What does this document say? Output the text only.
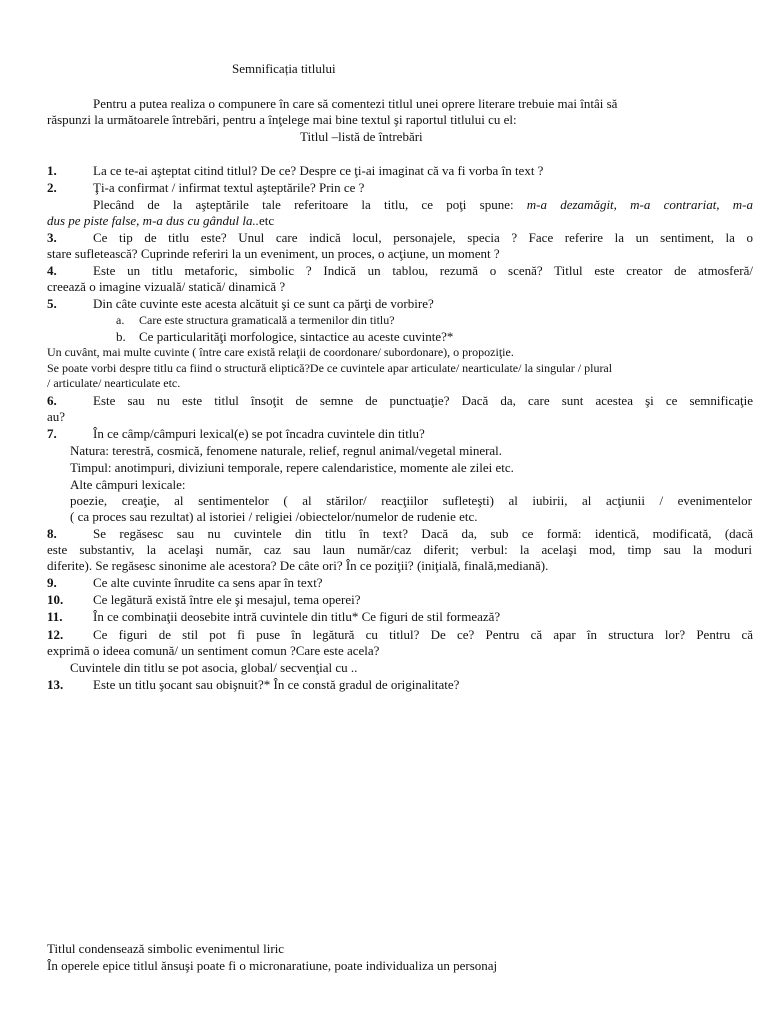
Semnificația titlului
Pentru a putea realiza o compunere în care să comentezi titlul unei oprere literare trebuie mai întâi să
răspunzi la următoarele întrebări, pentru a înţelege mai bine textul şi raportul titlului cu el:
Titlul –listă de întrebări
1.	La ce te-ai aşteptat citind titlul? De ce? Despre ce ţi-ai imaginat că va fi vorba în text ?
2.	Ţi-a confirmat / infirmat textul aşteptările? Prin ce ?
Plecând de la aşteptările tale referitoare la titlu, ce poţi spune: m-a dezamăgit, m-a contrariat, m-a
dus pe piste false, m-a dus cu gândul la..etc
3.	Ce tip de titlu este? Unul care indică locul, personajele, specia ? Face referire la un sentiment, la o
stare sufletească? Cuprinde referiri la un eveniment, un proces, o acţiune, un moment ?
4.	Este un titlu metaforic, simbolic ? Indică un tablou, rezumă o scenă? Titlul este creator de atmosferă/
creează o imagine vizuală/ statică/ dinamică ?
5.	Din câte cuvinte este acesta alcătuit şi ce sunt ca părţi de vorbire?
a. Care este structura gramaticală a termenilor din titlu?
b. Ce particularităţi morfologice, sintactice au aceste cuvinte?*
Un cuvânt, mai multe cuvinte ( între care există relaţii de coordonare/ subordonare), o propoziţie.
Se poate vorbi despre titlu ca fiind o structură eliptică?De ce cuvintele apar articulate/ nearticulate/ la singular / plural
/ articulate/ nearticulate etc.
6.	Este sau nu este titlul însoţit de semne de punctuaţie? Dacă da, care sunt acestea şi ce semnificaţie
au?
7.	În ce câmp/câmpuri lexical(e) se pot încadra cuvintele din titlu?
Natura: terestră, cosmică, fenomene naturale, relief, regnul animal/vegetal mineral.
Timpul: anotimpuri, diviziuni temporale, repere calendaristice, momente ale zilei etc.
Alte câmpuri lexicale:
poezie, creaţie, al sentimentelor ( al stărilor/ reacţiilor sufleteşti) al iubirii, al acţiunii / evenimentelor
( ca proces sau rezultat) al istoriei / religiei /obiectelor/numelor de rudenie etc.
8.	Se regăsesc sau nu cuvintele din titlu în text? Dacă da, sub ce formă: identică, modificată, (dacă
este substantiv, la acelaşi număr, caz sau laun număr/caz diferit; verbul: la acelaşi mod, timp sau la moduri
diferite). Se regăsesc sinonime ale acestora? De câte ori? În ce poziţii? (iniţială, finală,mediană).
9.	Ce alte cuvinte înrudite ca sens apar în text?
10. Ce legătură există între ele şi mesajul, tema operei?
11. În ce combinaţii deosebite intră cuvintele din titlu* Ce figuri de stil formează?
12. Ce figuri de stil pot fi puse în legătură cu titlul? De ce? Pentru că apar în structura lor? Pentru că
exprimă o ideea comună/ un sentiment comun ?Care este acela?
Cuvintele din titlu se pot asocia, global/ secvenţial cu ..
13. Este un titlu şocant sau obişnuit?* În ce constă gradul de originalitate?
Titlul condensează simbolic evenimentul liric
În operele epice titlul ănsuşi poate fi o micronaratiune, poate individualiza un personaj
